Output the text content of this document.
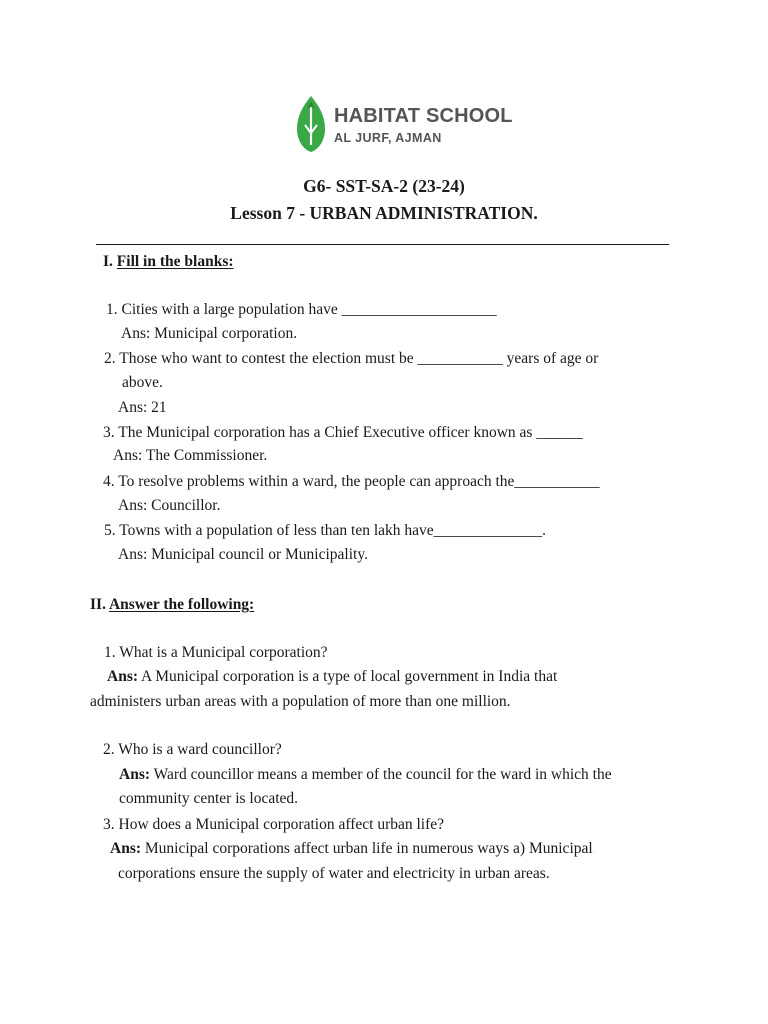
HABITAT SCHOOL
AL JURF, AJMAN
G6- SST-SA-2 (23-24)
Lesson 7 - URBAN ADMINISTRATION.
I. Fill in the blanks:
1. Cities with a large population have ____________________
Ans: Municipal corporation.
2. Those who want to contest the election must be ___________ years of age or
above.
Ans: 21
3. The Municipal corporation has a Chief Executive officer known as ______
Ans: The Commissioner.
4. To resolve problems within a ward, the people can approach the___________
Ans: Councillor.
5. Towns with a population of less than ten lakh have______________.
Ans: Municipal council or Municipality.
II. Answer the following:
1. What is a Municipal corporation?
Ans: A Municipal corporation is a type of local government in India that
administers urban areas with a population of more than one million.
2. Who is a ward councillor?
Ans: Ward councillor means a member of the council for the ward in which the
community center is located.
3. How does a Municipal corporation affect urban life?
Ans: Municipal corporations affect urban life in numerous ways a) Municipal
corporations ensure the supply of water and electricity in urban areas.
